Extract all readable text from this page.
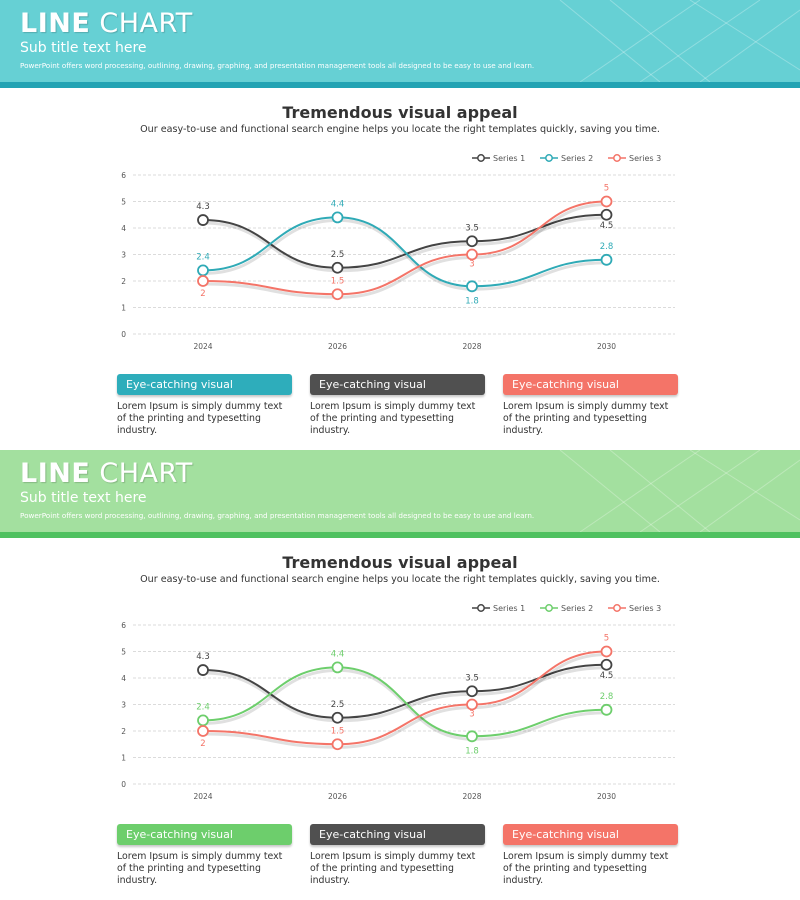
LINE CHART
Sub title text here
PowerPoint offers word processing, outlining, drawing, graphing, and presentation management tools all designed to be easy to use and learn.
Tremendous visual appeal
Our easy-to-use and functional search engine helps you locate the right templates quickly, saving you time.
0
1
2
3
4
5
6
2024	2026	2028	2030
Series 1	Series 2	Series 3
4.3
2.5
3.5	4.5
2.4
4.4
1.8
2.8
2
1.5
3
5
Eye-catching visual	Eye-catching visual	Eye-catching visual
Lorem Ipsum is simply dummy text of the printing and typesetting industry.
Lorem Ipsum is simply dummy text of the printing and typesetting industry.
Lorem Ipsum is simply dummy text of the printing and typesetting industry.
LINE CHART
Sub title text here
PowerPoint offers word processing, outlining, drawing, graphing, and presentation management tools all designed to be easy to use and learn.
Tremendous visual appeal
Our easy-to-use and functional search engine helps you locate the right templates quickly, saving you time.
0
1
2
3
4
5
6
2024	2026	2028	2030
Series 1	Series 2	Series 3
4.3
2.5
3.5	4.5
2.4
4.4
1.8
2.8
2
1.5
3
5
Eye-catching visual	Eye-catching visual	Eye-catching visual
Lorem Ipsum is simply dummy text of the printing and typesetting industry.
Lorem Ipsum is simply dummy text of the printing and typesetting industry.
Lorem Ipsum is simply dummy text of the printing and typesetting industry.
